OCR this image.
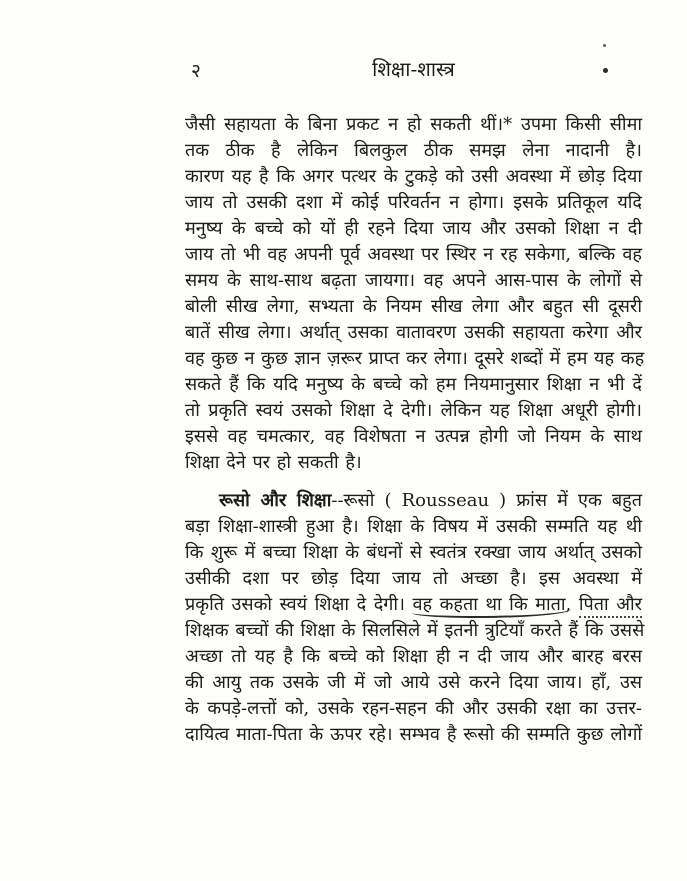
२	शिक्षा-शास्त्र
जैसी सहायता के बिना प्रकट न हो सकती थीं।* उपमा किसी सीमा
तक ठीक है लेकिन बिलकुल ठीक समझ लेना नादानी है।
कारण यह है कि अगर पत्थर के टुकड़े को उसी अवस्था में छोड़ दिया
जाय तो उसकी दशा में कोई परिवर्तन न होगा। इसके प्रतिकूल यदि
मनुष्य के बच्चे को यों ही रहने दिया जाय और उसको शिक्षा न दी
जाय तो भी वह अपनी पूर्व अवस्था पर स्थिर न रह सकेगा, बल्कि वह
समय के साथ-साथ बढ़ता जायगा। वह अपने आस-पास के लोगों से
बोली सीख लेगा, सभ्यता के नियम सीख लेगा और बहुत सी दूसरी
बातें सीख लेगा। अर्थात् उसका वातावरण उसकी सहायता करेगा और
वह कुछ न कुछ ज्ञान ज़रूर प्राप्त कर लेगा। दूसरे शब्दों में हम यह कह
सकते हैं कि यदि मनुष्य के बच्चे को हम नियमानुसार शिक्षा न भी दें
तो प्रकृति स्वयं उसको शिक्षा दे देगी। लेकिन यह शिक्षा अधूरी होगी।
इससे वह चमत्कार, वह विशेषता न उत्पन्न होगी जो नियम के साथ
शिक्षा देने पर हो सकती है।
रूसो और शिक्षा--रूसो ( Rousseau ) फ्रांस में एक बहुत
बड़ा शिक्षा-शास्त्री हुआ है। शिक्षा के विषय में उसकी सम्मति यह थी
कि शुरू में बच्चा शिक्षा के बंधनों से स्वतंत्र रक्खा जाय अर्थात् उसको
उसीकी दशा पर छोड़ दिया जाय तो अच्छा है। इस अवस्था में
प्रकृति उसको स्वयं शिक्षा दे देगी। वह कहता था कि माता, पिता और
शिक्षक बच्चों की शिक्षा के सिलसिले में इतनी त्रुटियाँ करते हैं कि उससे
अच्छा तो यह है कि बच्चे को शिक्षा ही न दी जाय और बारह बरस
की आयु तक उसके जी में जो आये उसे करने दिया जाय। हाँ, उस
के कपड़े-लत्तों को, उसके रहन-सहन की और उसकी रक्षा का उत्तर-
दायित्व माता-पिता के ऊपर रहे। सम्भव है रूसो की सम्मति कुछ लोगों
